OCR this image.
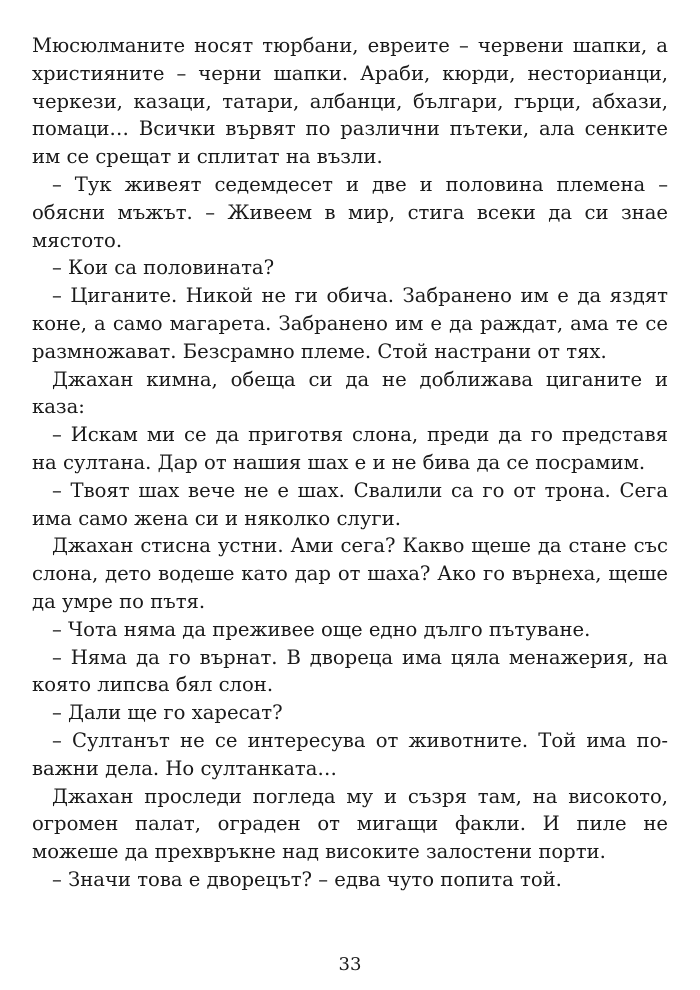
Мюсюлманите носят тюрбани, евреите – червени шапки, а християните – черни шапки. Араби, кюрди, несторианци, черкези, казаци, татари, албанци, българи, гърци, абхази, помаци… Всички вървят по различни пътеки, ала сенките им се срещат и сплитат на възли.

– Тук живеят седемдесет и две и половина племена – обясни мъжът. – Живеем в мир, стига всеки да си знае мястото.

– Кои са половината?

– Циганите. Никой не ги обича. Забранено им е да яздят коне, а само магарета. Забранено им е да раждат, ама те се размножават. Безсрамно племе. Стой настрани от тях.

Джахан кимна, обеща си да не доближава циганите и каза:

– Искам ми се да приготвя слона, преди да го представя на султана. Дар от нашия шах е и не бива да се посрамим.

– Твоят шах вече не е шах. Свалили са го от трона. Сега има само жена си и няколко слуги.

Джахан стисна устни. Ами сега? Какво щеше да стане със слона, дето водеше като дар от шаха? Ако го върнеха, щеше да умре по пътя.

– Чота няма да преживее още едно дълго пътуване.

– Няма да го върнат. В двореца има цяла менажерия, на която липсва бял слон.

– Дали ще го харесат?

– Султанът не се интересува от животните. Той има по-важни дела. Но султанката…

Джахан проследи погледа му и съзря там, на високото, огромен палат, ограден от мигащи факли. И пиле не можеше да прехвръкне над високите залостени порти.

– Значи това е дворецът? – едва чуто попита той.

33
